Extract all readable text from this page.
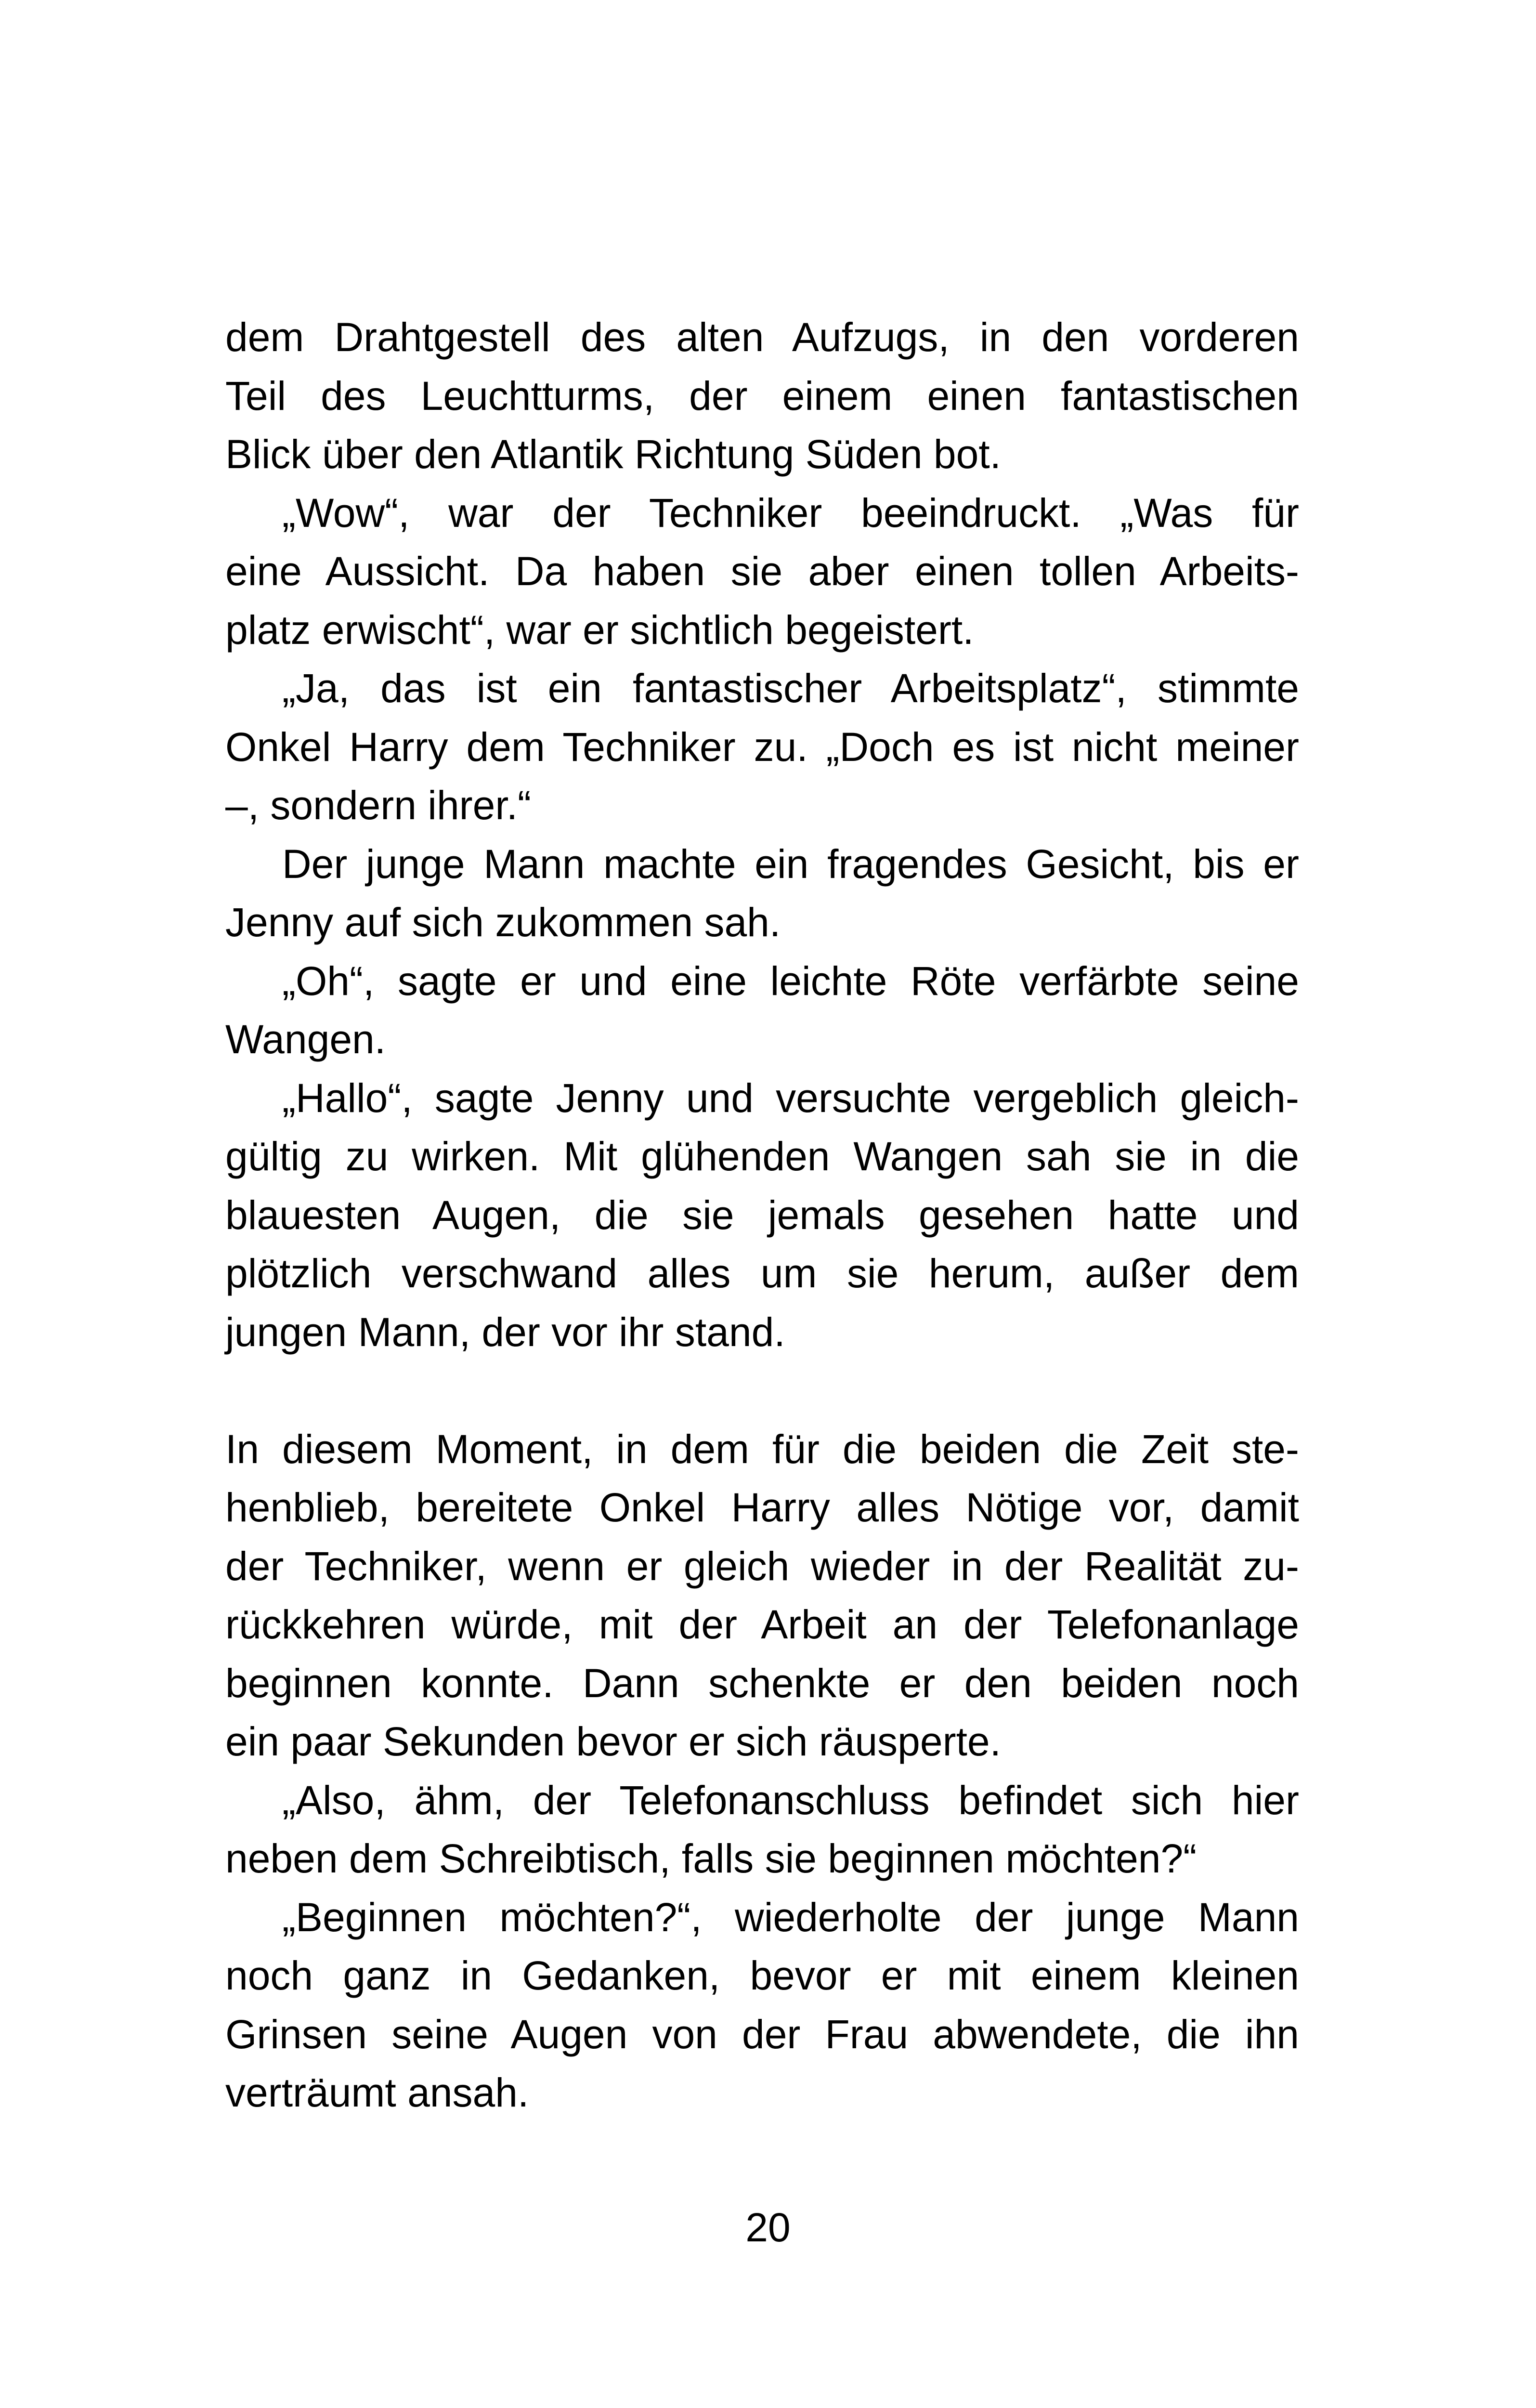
dem Drahtgestell des alten Aufzugs, in den vorderen
Teil des Leuchtturms, der einem einen fantastischen
Blick über den Atlantik Richtung Süden bot.
„Wow“, war der Techniker beeindruckt. „Was für
eine Aussicht. Da haben sie aber einen tollen Arbeits-
platz erwischt“, war er sichtlich begeistert.
„Ja, das ist ein fantastischer Arbeitsplatz“, stimmte
Onkel Harry dem Techniker zu. „Doch es ist nicht meiner
–, sondern ihrer.“
Der junge Mann machte ein fragendes Gesicht, bis er
Jenny auf sich zukommen sah.
„Oh“, sagte er und eine leichte Röte verfärbte seine
Wangen.
„Hallo“, sagte Jenny und versuchte vergeblich gleich-
gültig zu wirken. Mit glühenden Wangen sah sie in die
blauesten Augen, die sie jemals gesehen hatte und
plötzlich verschwand alles um sie herum, außer dem
jungen Mann, der vor ihr stand.
In diesem Moment, in dem für die beiden die Zeit ste-
henblieb, bereitete Onkel Harry alles Nötige vor, damit
der Techniker, wenn er gleich wieder in der Realität zu-
rückkehren würde, mit der Arbeit an der Telefonanlage
beginnen konnte. Dann schenkte er den beiden noch
ein paar Sekunden bevor er sich räusperte.
„Also, ähm, der Telefonanschluss befindet sich hier
neben dem Schreibtisch, falls sie beginnen möchten?“
„Beginnen möchten?“, wiederholte der junge Mann
noch ganz in Gedanken, bevor er mit einem kleinen
Grinsen seine Augen von der Frau abwendete, die ihn
verträumt ansah.
20
